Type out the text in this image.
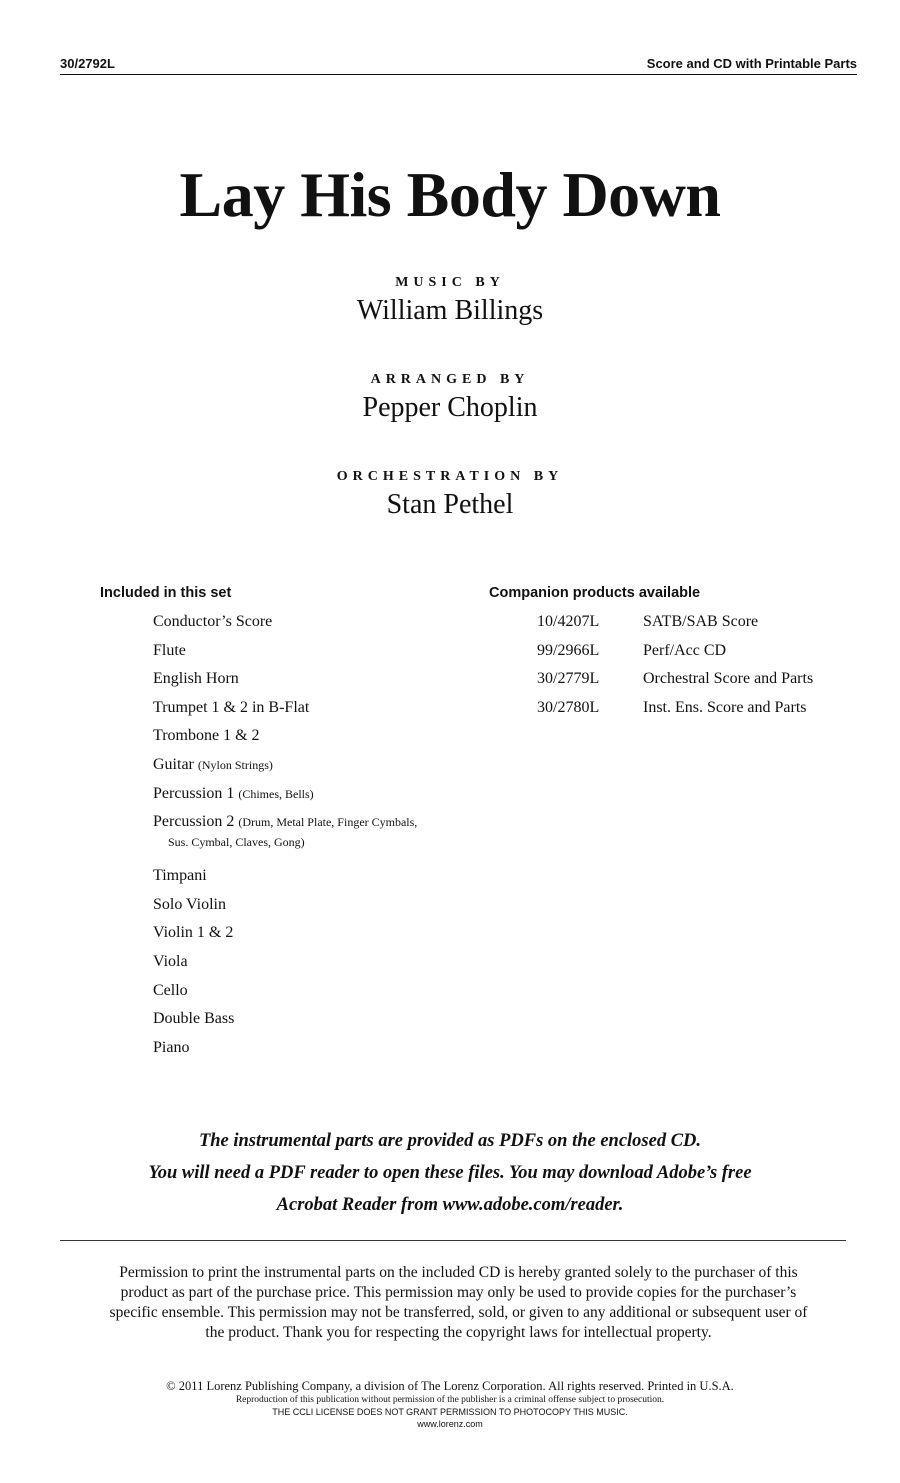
30/2792L	Score and CD with Printable Parts
Lay His Body Down
MUSIC BY
William Billings
ARRANGED BY
Pepper Choplin
ORCHESTRATION BY
Stan Pethel
Included in this set
Conductor’s Score
Flute
English Horn
Trumpet 1 & 2 in B-Flat
Trombone 1 & 2
Guitar (Nylon Strings)
Percussion 1 (Chimes, Bells)
Percussion 2 (Drum, Metal Plate, Finger Cymbals,
Sus. Cymbal, Claves, Gong)
Timpani
Solo Violin
Violin 1 & 2
Viola
Cello
Double Bass
Piano
Companion products available
10/4207L	SATB/SAB Score
99/2966L	Perf/Acc CD
30/2779L	Orchestral Score and Parts
30/2780L	Inst. Ens. Score and Parts
The instrumental parts are provided as PDFs on the enclosed CD.
You will need a PDF reader to open these files. You may download Adobe’s free
Acrobat Reader from www.adobe.com/reader.
Permission to print the instrumental parts on the included CD is hereby granted solely to the purchaser of this
product as part of the purchase price. This permission may only be used to provide copies for the purchaser’s
specific ensemble. This permission may not be transferred, sold, or given to any additional or subsequent user of
the product. Thank you for respecting the copyright laws for intellectual property.
© 2011 Lorenz Publishing Company, a division of The Lorenz Corporation. All rights reserved. Printed in U.S.A.
Reproduction of this publication without permission of the publisher is a criminal offense subject to prosecution.
THE CCLI LICENSE DOES NOT GRANT PERMISSION TO PHOTOCOPY THIS MUSIC.
www.lorenz.com
